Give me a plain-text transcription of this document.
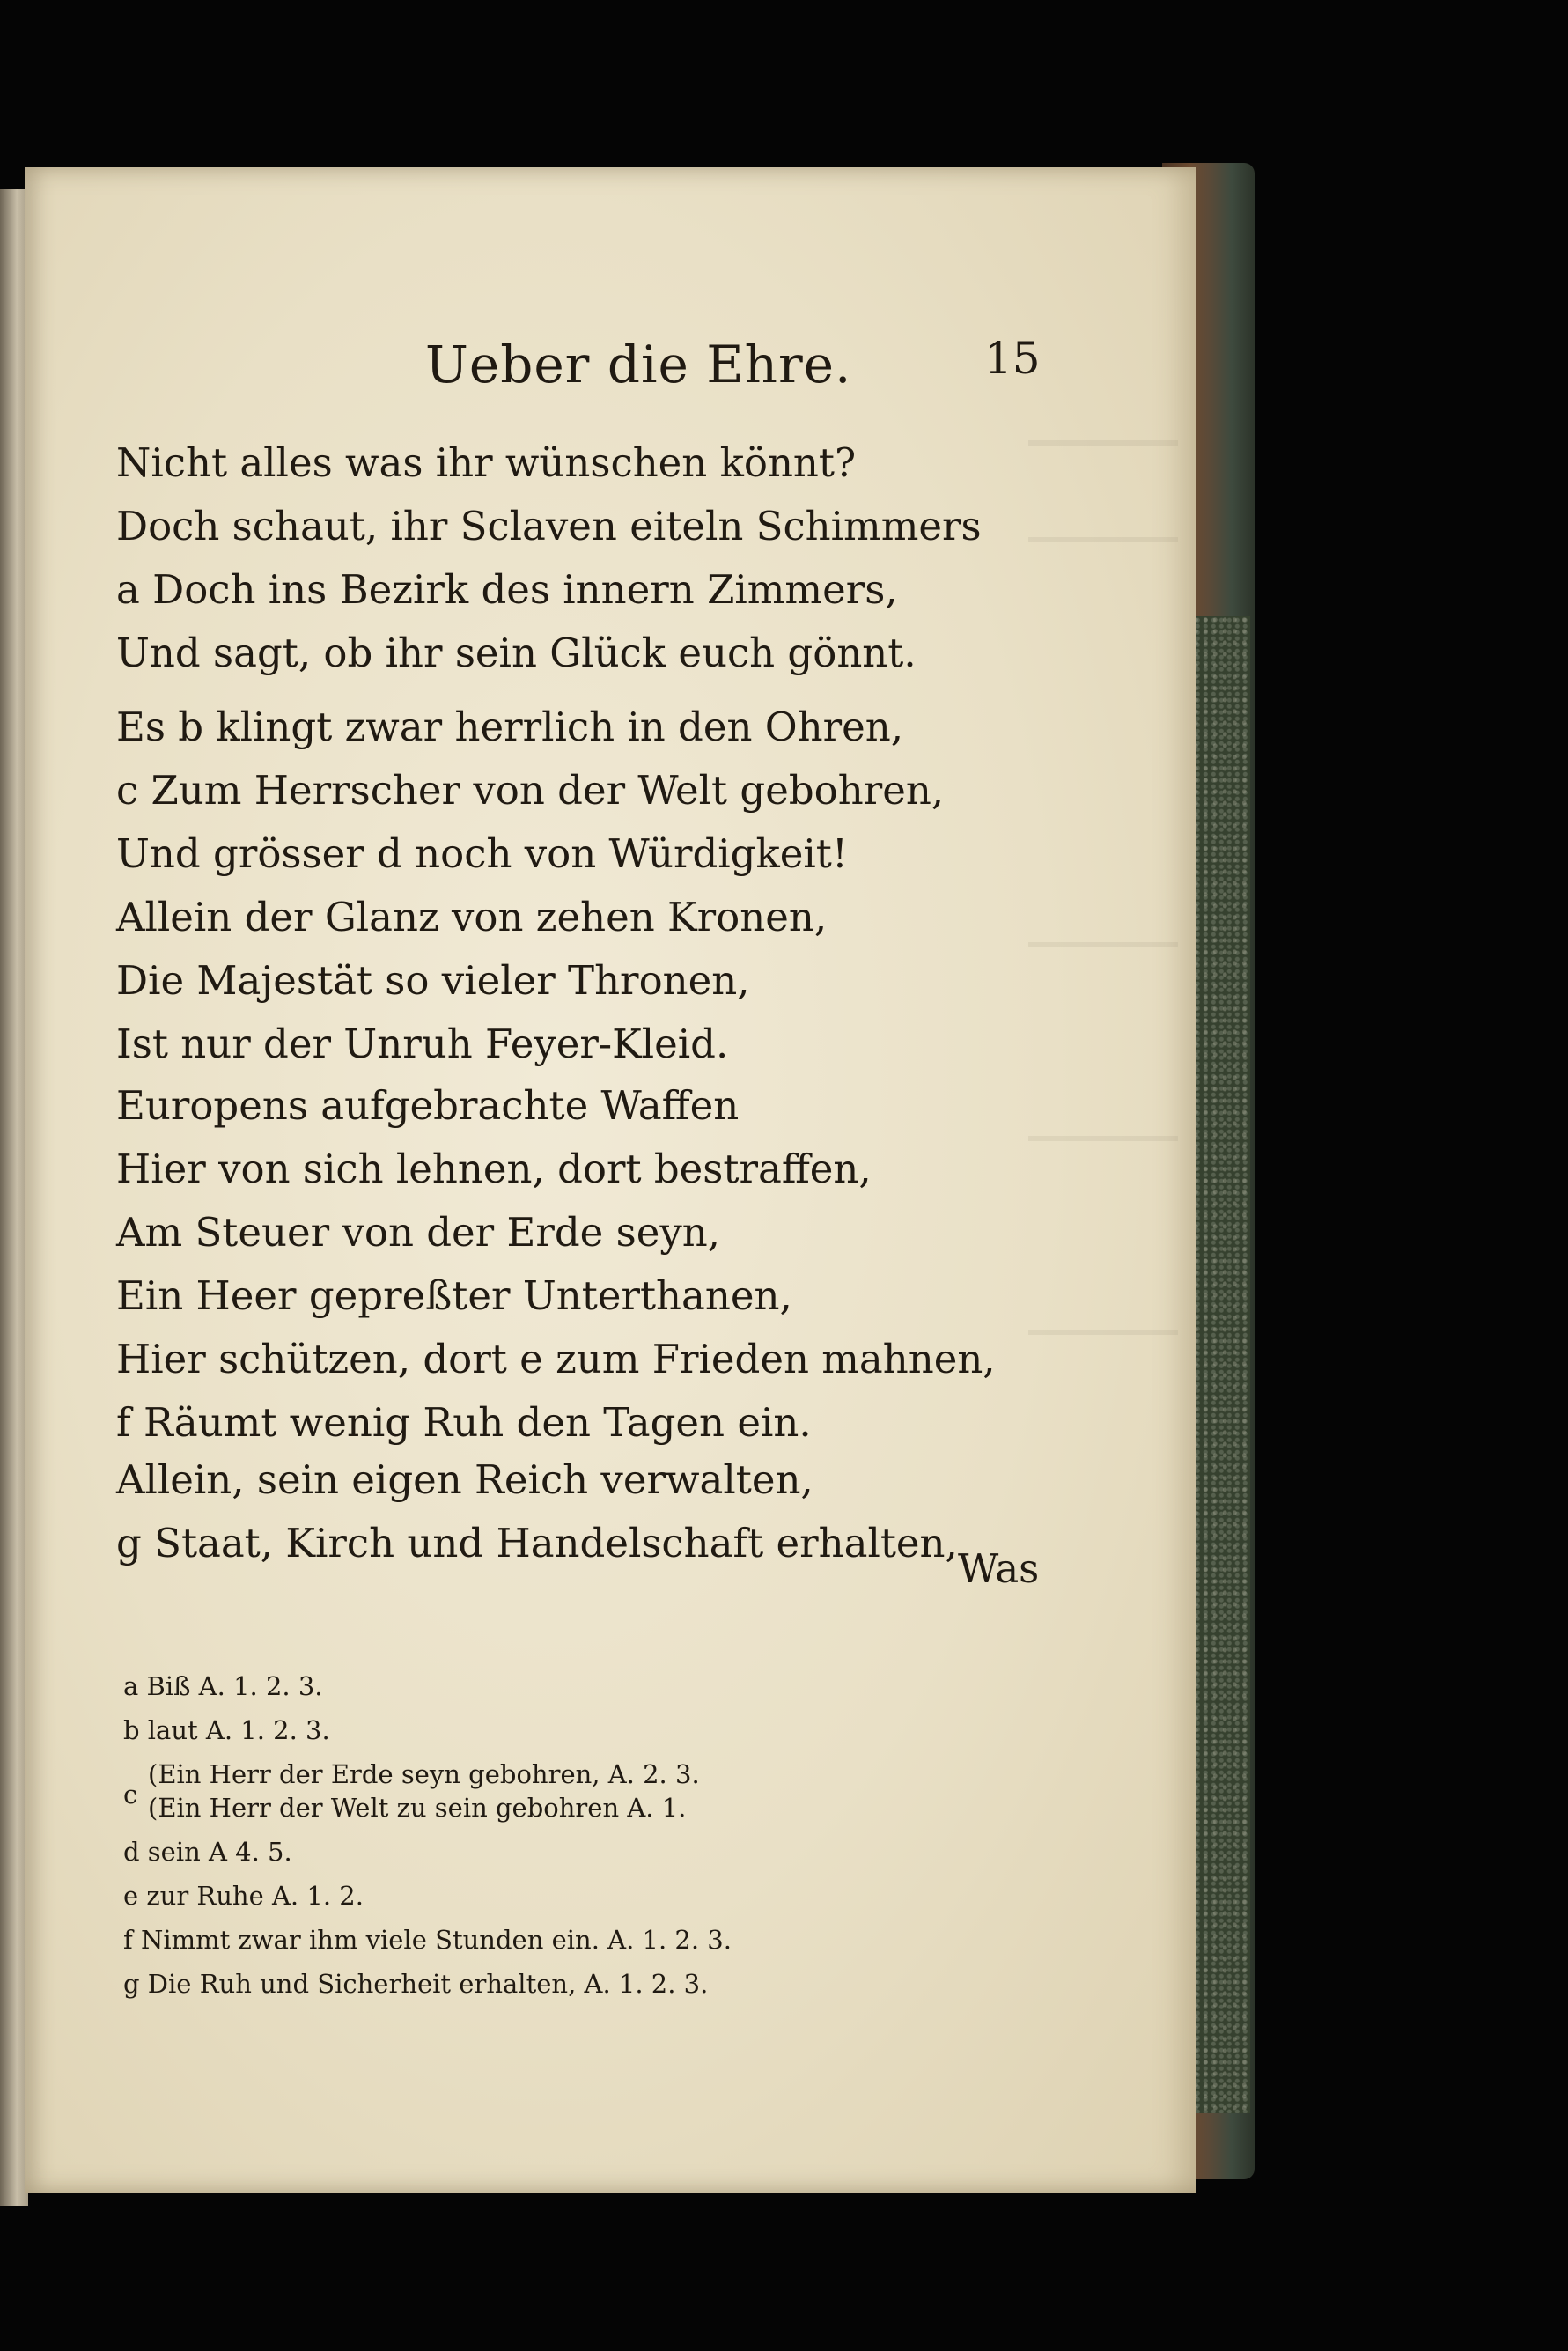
Ueber die Ehre.	15
Nicht alles was ihr wünschen könnt?
Doch schaut, ihr Sclaven eiteln Schimmers
a Doch ins Bezirk des innern Zimmers,
Und sagt, ob ihr sein Glück euch gönnt.
Es b klingt zwar herrlich in den Ohren,
c Zum Herrscher von der Welt gebohren,
Und grösser d noch von Würdigkeit!
Allein der Glanz von zehen Kronen,
Die Majestät so vieler Thronen,
Ist nur der Unruh Feyer-Kleid.
Europens aufgebrachte Waffen
Hier von sich lehnen, dort bestraffen,
Am Steuer von der Erde seyn,
Ein Heer gepreßter Unterthanen,
Hier schützen, dort e zum Frieden mahnen,
f Räumt wenig Ruh den Tagen ein.
Allein, sein eigen Reich verwalten,
g Staat, Kirch und Handelschaft erhalten,
Was
a Biß A. 1. 2. 3.
b laut A. 1. 2. 3.
c
(Ein Herr der Erde seyn gebohren, A. 2. 3.
(Ein Herr der Welt zu sein gebohren A. 1.
d sein A 4. 5.
e zur Ruhe A. 1. 2.
f Nimmt zwar ihm viele Stunden ein. A. 1. 2. 3.
g Die Ruh und Sicherheit erhalten, A. 1. 2. 3.
